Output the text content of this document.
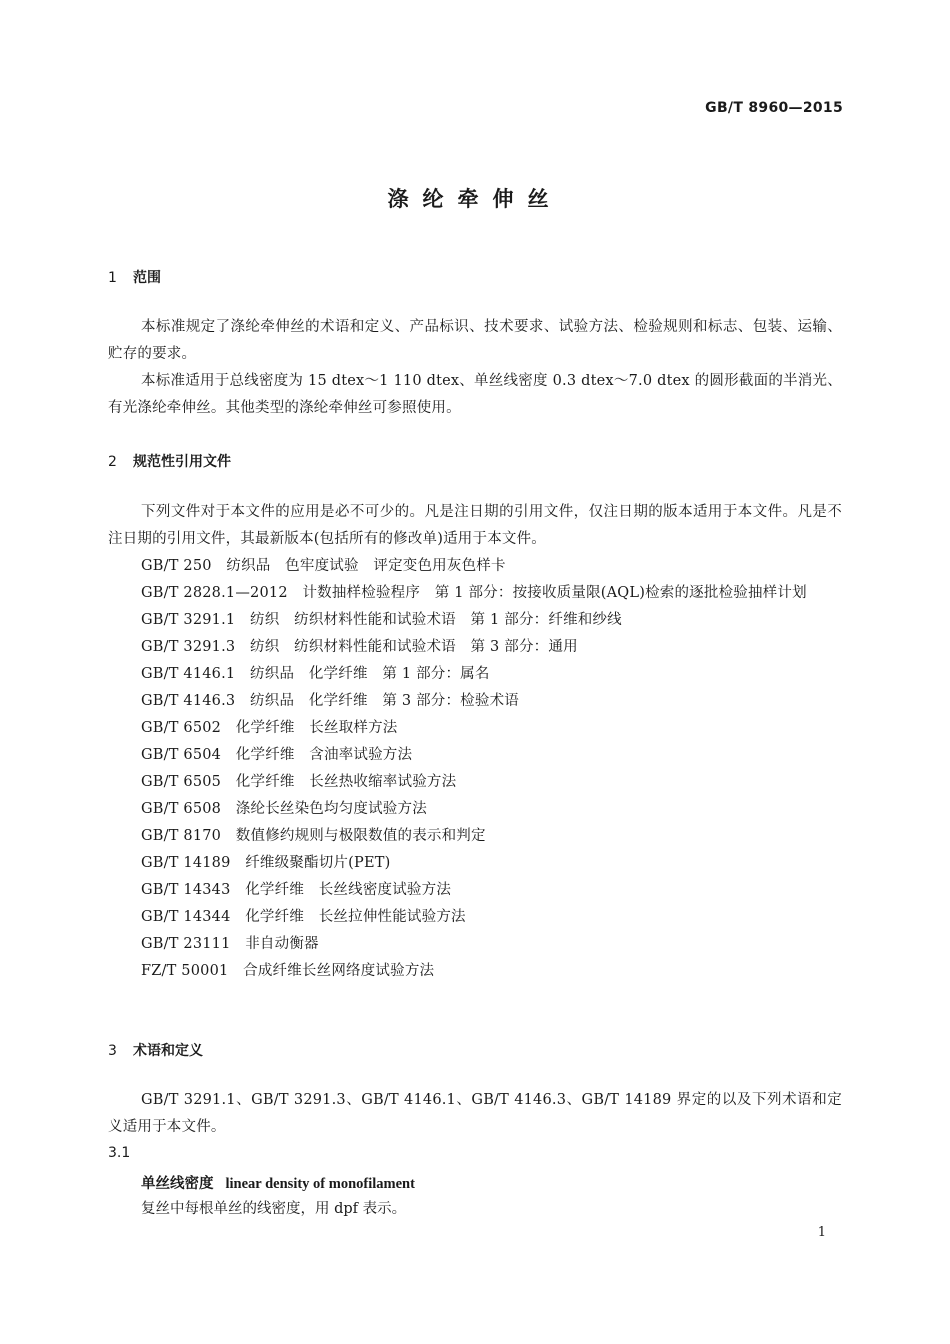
GB/T 8960—2015
涤纶牵伸丝
1 范围
本标准规定了涤纶牵伸丝的术语和定义、产品标识、技术要求、试验方法、检验规则和标志、包装、运输、贮存的要求。
本标准适用于总线密度为 15 dtex～1 110 dtex、单丝线密度 0.3 dtex～7.0 dtex 的圆形截面的半消光、有光涤纶牵伸丝。其他类型的涤纶牵伸丝可参照使用。
2 规范性引用文件
下列文件对于本文件的应用是必不可少的。凡是注日期的引用文件，仅注日期的版本适用于本文件。凡是不注日期的引用文件，其最新版本(包括所有的修改单)适用于本文件。
GB/T 250　纺织品　色牢度试验　评定变色用灰色样卡
GB/T 2828.1—2012　计数抽样检验程序　第 1 部分：按接收质量限(AQL)检索的逐批检验抽样计划
GB/T 3291.1　纺织　纺织材料性能和试验术语　第 1 部分：纤维和纱线
GB/T 3291.3　纺织　纺织材料性能和试验术语　第 3 部分：通用
GB/T 4146.1　纺织品　化学纤维　第 1 部分：属名
GB/T 4146.3　纺织品　化学纤维　第 3 部分：检验术语
GB/T 6502　化学纤维　长丝取样方法
GB/T 6504　化学纤维　含油率试验方法
GB/T 6505　化学纤维　长丝热收缩率试验方法
GB/T 6508　涤纶长丝染色均匀度试验方法
GB/T 8170　数值修约规则与极限数值的表示和判定
GB/T 14189　纤维级聚酯切片(PET)
GB/T 14343　化学纤维　长丝线密度试验方法
GB/T 14344　化学纤维　长丝拉伸性能试验方法
GB/T 23111　非自动衡器
FZ/T 50001　合成纤维长丝网络度试验方法
3 术语和定义
GB/T 3291.1、GB/T 3291.3、GB/T 4146.1、GB/T 4146.3、GB/T 14189 界定的以及下列术语和定义适用于本文件。
3.1
单丝线密度 linear density of monofilament
复丝中每根单丝的线密度，用 dpf 表示。
1
